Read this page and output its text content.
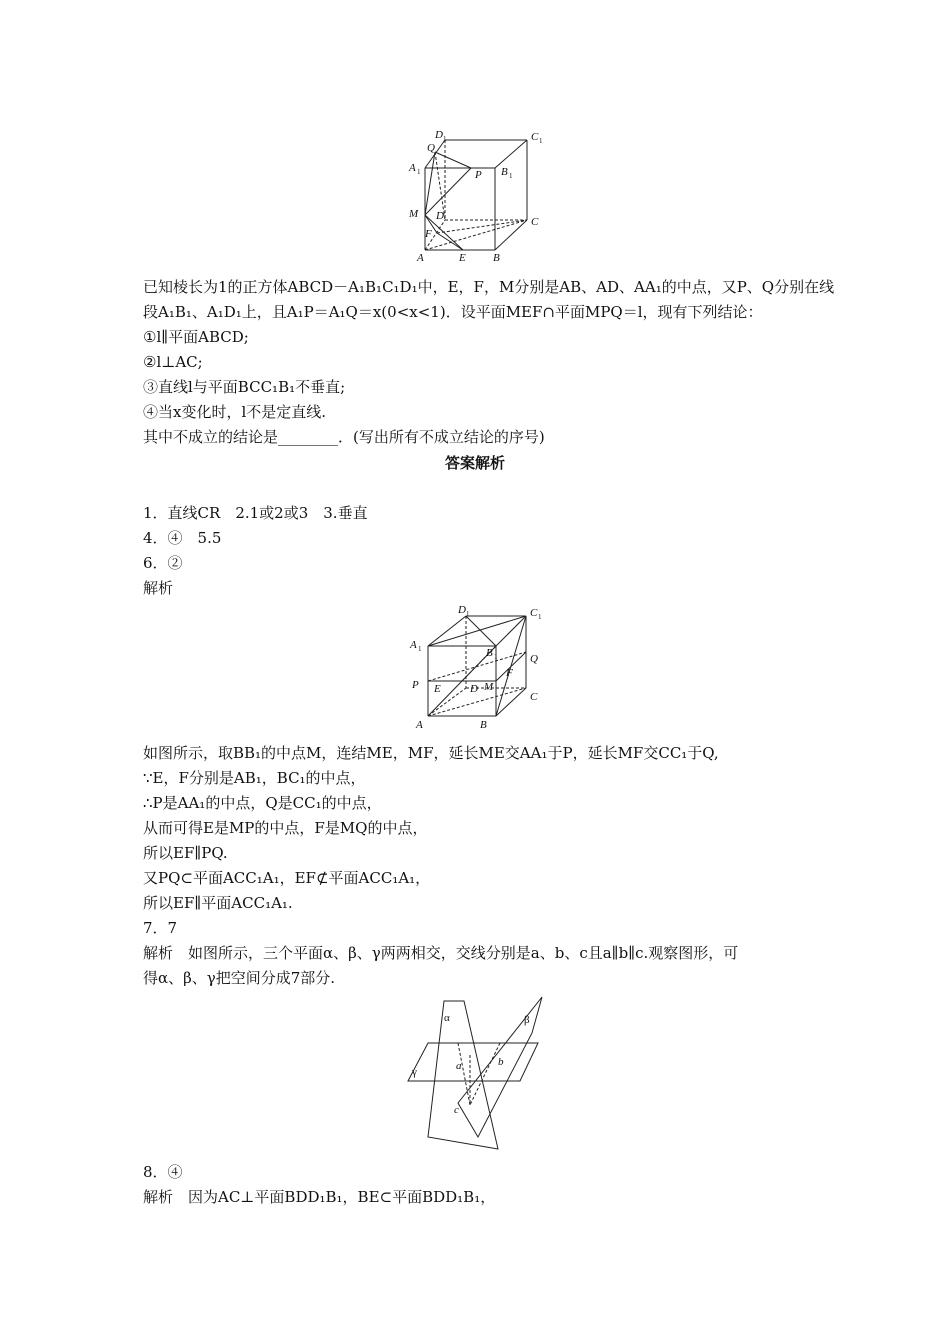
D 1	C 1
Q
A 1	P B 1
M D	C
F
A	E B
已知棱长为1的正方体ABCD－A₁B₁C₁D₁中，E，F，M分别是AB、AD、AA₁的中点，又P、Q分别在线
段A₁B₁、A₁D₁上，且A₁P＝A₁Q＝x(0<x<1)．设平面MEF∩平面MPQ＝l，现有下列结论：
①l∥平面ABCD;
②l⊥AC;
③直线l与平面BCC₁B₁不垂直;
④当x变化时，l不是定直线.
其中不成立的结论是________．(写出所有不成立结论的序号)
答案解析
1．直线CR　2.1或2或3　3.垂直
4．④　5.5
6．②
解析
D 1	C 1
A 1	B 1	Q
F
P E	D M
C
A	B
如图所示，取BB₁的中点M，连结ME，MF，延长ME交AA₁于P，延长MF交CC₁于Q,
∵E，F分别是AB₁，BC₁的中点，
∴P是AA₁的中点，Q是CC₁的中点，
从而可得E是MP的中点，F是MQ的中点，
所以EF∥PQ.
又PQ⊂平面ACC₁A₁，EF⊄平面ACC₁A₁，
所以EF∥平面ACC₁A₁.
7．7
解析　如图所示，三个平面α、β、γ两两相交，交线分别是a、b、c且a∥b∥c.观察图形，可
得α、β、γ把空间分成7部分.
α	β
γ	a	b
c
8．④
解析　因为AC⊥平面BDD₁B₁，BE⊂平面BDD₁B₁，
